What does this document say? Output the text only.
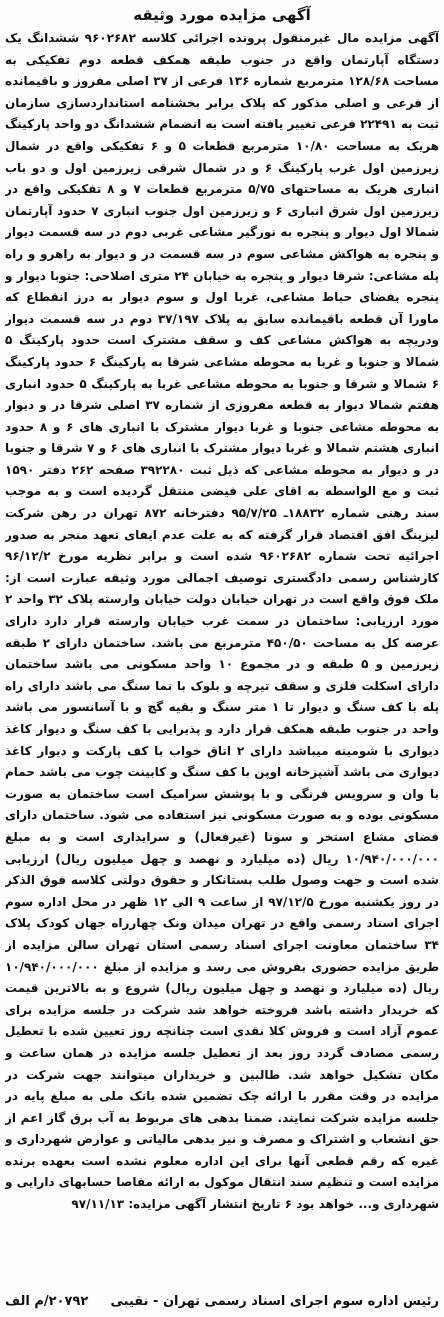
آگهی مزایده مورد وثیقه

آگهی مزایده مال غیرمنقول پرونده اجرائی کلاسه ۹۶۰۲۶۸۲ ششدانگ یک دستگاه آپارتمان واقع در جنوب طبقه همکف قطعه دوم تفکیکی به مساحت ۱۲۸/۶۸ مترمربع شماره ۱۳۶ فرعی از ۳۷ اصلی مفروز و باقیمانده از فرعی و اصلی مذکور که پلاک برابر بخشنامه استانداردسازی سازمان ثبت به ۲۲۴۹۱ فرعی تغییر یافته است به انضمام ششدانگ دو واحد پارکینگ هریک به مساحت ۱۰/۸۰ مترمربع قطعات ۵ و ۶ تفکیکی واقع در شمال زیرزمین اول غرب پارکینگ ۶ و در شمال شرقی زیرزمین اول و دو باب انباری هریک به مساحتهای ۵/۷۵ مترمربع قطعات ۷ و ۸ تفکیکی واقع در زیرزمین اول شرق انباری ۶ و زیرزمین اول جنوب انباری ۷ حدود آپارتمان شمالا اول دیوار و پنجره به نورگیر مشاعی غربی دوم در سه قسمت دیوار و پنجره به هواکش مشاعی سوم در سه قسمت در و دیوار به راهرو و راه پله مشاعی: شرقا دیوار و پنجره به خیابان ۲۴ متری اصلاحی: جنوبا دیوار و پنجره بفضای حیاط مشاعی، غربا اول و سوم دیوار به درز انقطاع که ماورا آن قطعه باقیمانده سابق به پلاک ۳۷/۱۹۷ دوم در سه قسمت دیوار ودریچه به هواکش مشاعی کف و سقف مشترک است حدود پارکینگ ۵ شمالا و جنوبا و غربا به محوطه مشاعی شرقا به پارکینگ ۶ حدود پارکینگ ۶ شمالا و شرقا و جنوبا به محوطه مشاعی غربا به پارکینگ ۵ حدود انباری هفتم شمالا دیوار به قطعه مفروزی از شماره ۳۷ اصلی شرقا در و دیوار به محوطه مشاعی جنوبا و غربا دیوار مشترک با انباری های ۶ و ۸ حدود انباری هشتم شمالا و غربا دیوار مشترک با انباری های ۶ و ۷ شرقا و جنوبا در و دیوار به محوطه مشاعی که ذیل ثبت ۳۹۲۲۸۰ صفحه ۲۶۲ دفتر ۱۵۹۰ ثبت و مع الواسطه به اقای علی فیضی منتقل گردیده است و به موجب سند رهنی شماره ۱۸۸۳۲ـ ۹۵/۷/۲۵ دفترخانه ۸۷۲ تهران در رهن شرکت لیزینگ افق اقتصاد قرار گرفته که به علت عدم ایفای تعهد منجر به صدور اجرائیه تحت شماره ۹۶۰۲۶۸۲ شده است و برابر نظریه مورخ ۹۶/۱۲/۲ کارشناس رسمی دادگستری توصیف اجمالی مورد وثیقه عبارت است از: ملک فوق واقع است در تهران خیابان دولت خیابان وارسته پلاک ۳۲ واحد ۲ مورد ارزیابی: ساختمان در سمت غرب خیابان وارسته قرار دارد دارای عرصه کل به مساحت ۴۵۰/۵۰ مترمربع می باشد. ساختمان دارای ۲ طبقه زیرزمین و ۵ طبقه و در مجموع ۱۰ واحد مسکونی می باشد ساختمان دارای اسکلت فلزی و سقف تیرچه و بلوک با نما سنگ می باشد دارای راه پله با کف سنگ و دیوار تا ۱ متر سنگ و بقیه گچ و با آسانسور می باشد واحد در جنوب طبقه همکف قرار دارد و پذیرایی با کف سنگ و دیوار کاغذ دیواری با شومینه میباشد دارای ۲ اتاق خواب با کف پارکت و دیوار کاغذ دیواری می باشد آشپزخانه اوپن با کف سنگ و کابینت چوب می باشد حمام با وان و سرویس فرنگی و با پوشش سرامیک است ساختمان به صورت مسکونی بوده و به صورت مسکونی نیز استفاده می شود. ساختمان دارای فضای مشاع استخر و سونا (غیرفعال) و سرایداری است و به مبلغ ۱۰/۹۴۰/۰۰۰/۰۰۰ ریال (ده میلیارد و نهصد و چهل میلیون ریال) ارزیابی شده است و جهت وصول طلب بستانکار و حقوق دولتی کلاسه فوق الذکر در روز یکشنبه مورخ ۹۷/۱۲/۵ از ساعت ۹ الی ۱۲ ظهر در محل اداره سوم اجرای اسناد رسمی واقع در تهران میدان ونک چهارراه جهان کودک پلاک ۳۴ ساختمان معاونت اجرای اسناد رسمی استان تهران سالن مزایده از طریق مزایده حضوری بفروش می رسد و مزایده از مبلغ ۱۰/۹۴۰/۰۰۰/۰۰۰ ریال (ده میلیارد و نهصد و چهل میلیون ریال) شروع و به بالاترین قیمت که خریدار داشته باشد فروخته خواهد شد شرکت در جلسه مزایده برای عموم آزاد است و فروش کلا نقدی است چنانچه روز تعیین شده با تعطیل رسمی مصادف گردد روز بعد از تعطیل جلسه مزایده در همان ساعت و مکان تشکیل خواهد شد. طالبین و خریداران میتوانند جهت شرکت در مزایده در وقت مقرر با ارائه چک تضمین شده بانک ملی به مبلغ پایه در جلسه مزایده شرکت نمایند. ضمنا بدهی های مربوط به آب برق گاز اعم از حق انشعاب و اشتراک و مصرف و نیز بدهی مالیاتی و عوارض شهرداری و غیره که رقم قطعی آنها برای این اداره معلوم نشده است بعهده برنده مزایده است و تنظیم سند انتقال موکول به ارائه مفاصا حسابهای دارایی و شهرداری و... خواهد بود ۶ تاریخ انتشار آگهی مزایده: ۹۷/۱۱/۱۳

۲۰۷۹۲/م الف رئیس اداره سوم اجرای اسناد رسمی تهران - نقیبی
